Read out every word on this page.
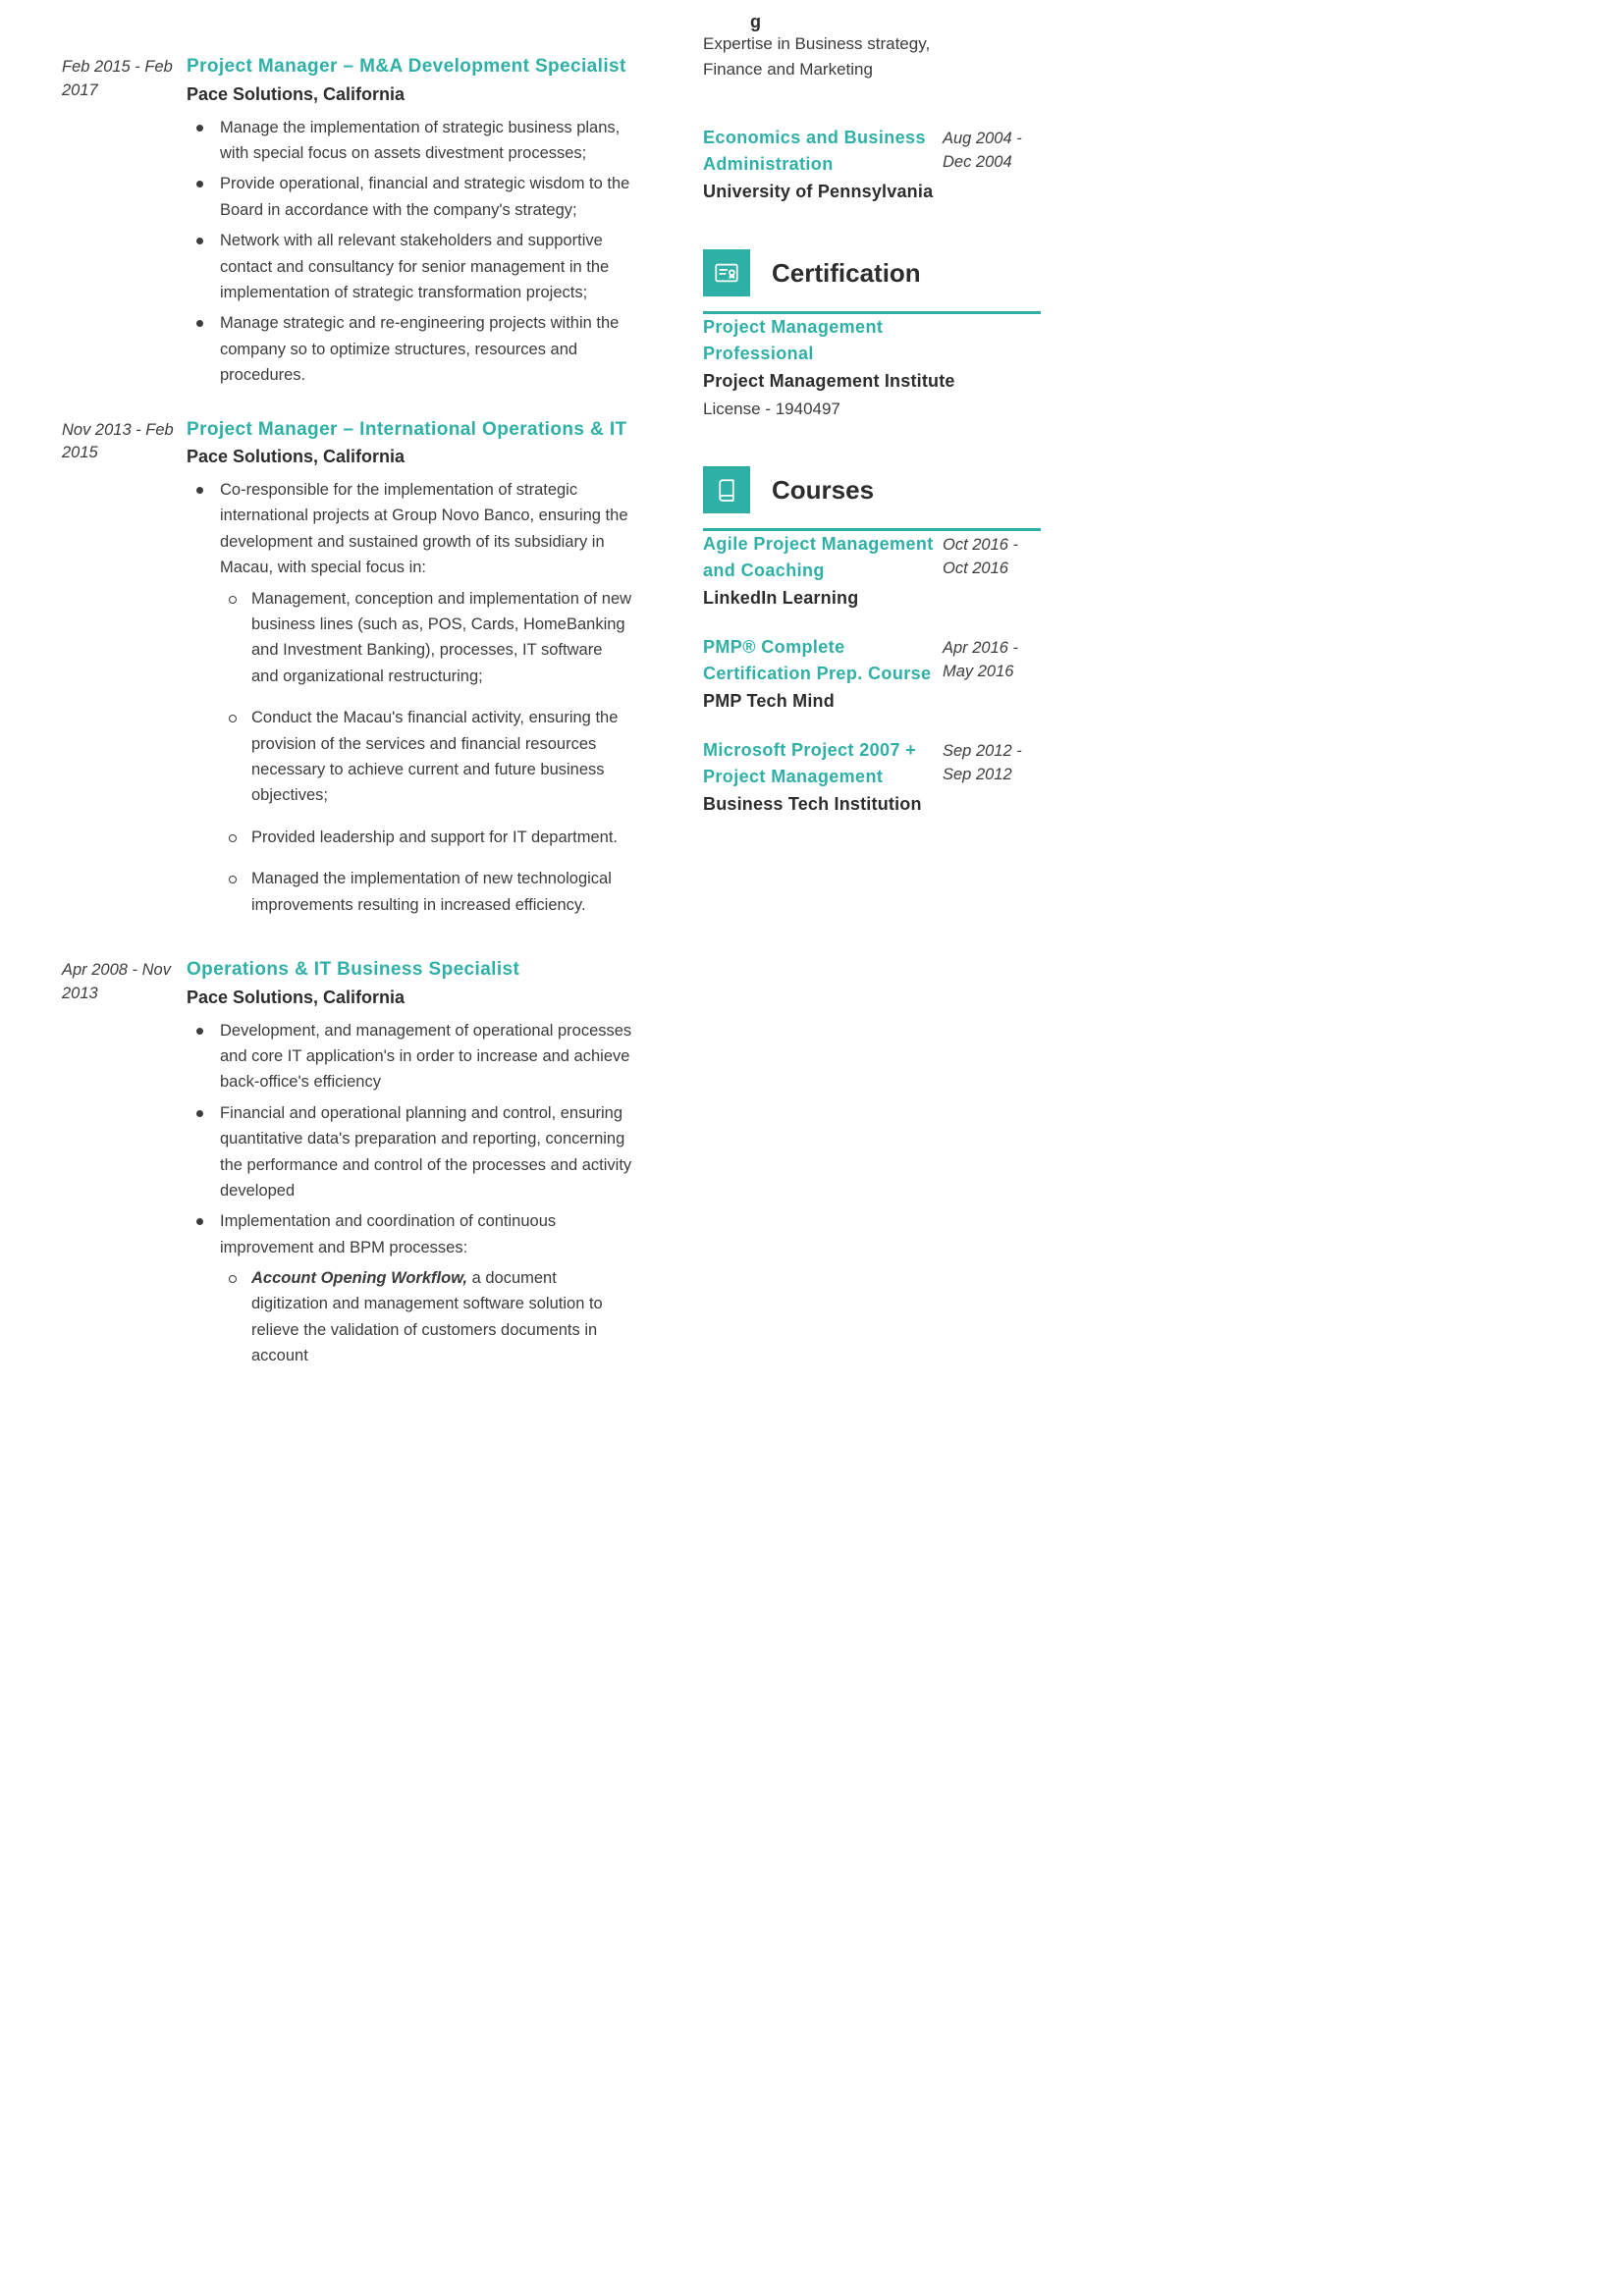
Feb 2015 - Feb 2017
Project Manager – M&A Development Specialist
Pace Solutions, California
Manage the implementation of strategic business plans, with special focus on assets divestment processes;
Provide operational, financial and strategic wisdom to the Board in accordance with the company's strategy;
Network with all relevant stakeholders and supportive contact and consultancy for senior management in the implementation of strategic transformation projects;
Manage strategic and re-engineering projects within the company so to optimize structures, resources and procedures.
Nov 2013 - Feb 2015
Project Manager – International Operations & IT
Pace Solutions, California
Co-responsible for the implementation of strategic international projects at Group Novo Banco, ensuring the development and sustained growth of its subsidiary in Macau, with special focus in:
Management, conception and implementation of new business lines (such as, POS, Cards, HomeBanking and Investment Banking), processes, IT software and organizational restructuring;
Conduct the Macau's financial activity, ensuring the provision of the services and financial resources necessary to achieve current and future business objectives;
Provided leadership and support for IT department.
Managed the implementation of new technological improvements resulting in increased efficiency.
Apr 2008 - Nov 2013
Operations & IT Business Specialist
Pace Solutions, California
Development, and management of operational processes and core IT application's in order to increase and achieve back-office's efficiency
Financial and operational planning and control, ensuring quantitative data's preparation and reporting, concerning the performance and control of the processes and activity developed
Implementation and coordination of continuous improvement and BPM processes:
Account Opening Workflow, a document digitization and management software solution to relieve the validation of customers documents in account
g

Expertise in Business strategy, Finance and Marketing

Economics and Business Administration
Aug 2004 - Dec 2004
University of Pennsylvania
Certification
Project Management Professional
Project Management Institute
License - 1940497
Courses
Agile Project Management and Coaching
Oct 2016 - Oct 2016
LinkedIn Learning
PMP® Complete Certification Prep. Course
Apr 2016 - May 2016
PMP Tech Mind
Microsoft Project 2007 + Project Management
Sep 2012 - Sep 2012
Business Tech Institution
